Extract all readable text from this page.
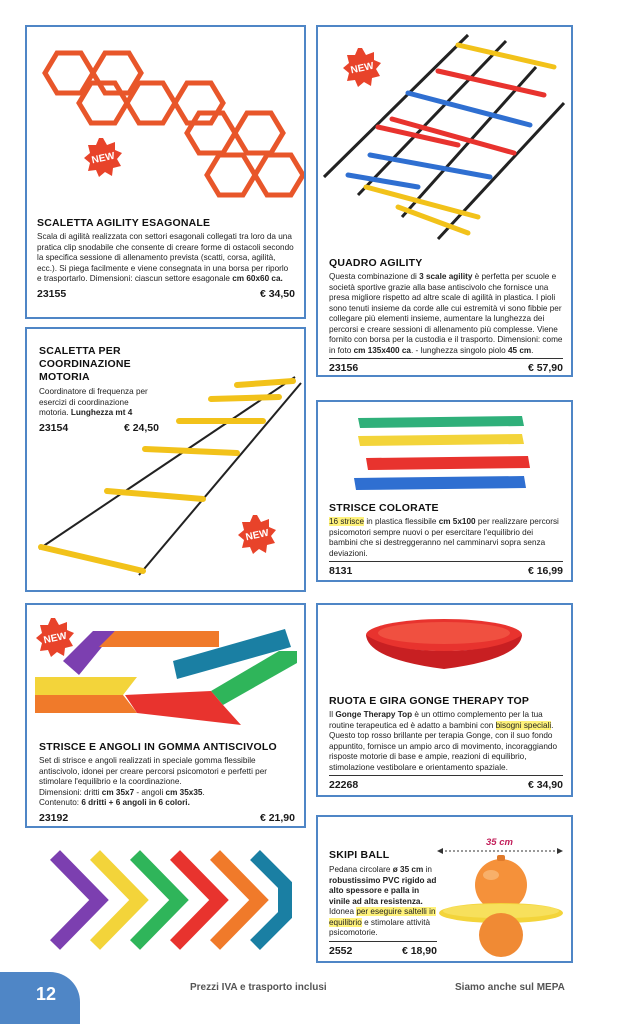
NEW
SCALETTA AGILITY ESAGONALE
Scala di agilità realizzata con settori esagonali collegati tra loro da una pratica clip snodabile che consente di creare forme di ostacoli secondo la specifica sessione di allenamento prevista (scatti, corsa, agilità, ecc.). Si piega facilmente e viene consegnata in una borsa per riporlo e trasportarlo. Dimensioni: ciascun settore esagonale cm 60x60 ca.
23155	€ 34,50
NEW
QUADRO AGILITY
Questa combinazione di 3 scale agility è perfetta per scuole e società sportive grazie alla base antiscivolo che fornisce una presa migliore rispetto ad altre scale di agilità in plastica. I pioli sono tenuti insieme da corde alle cui estremità vi sono fibbie per collegare più elementi insieme, aumentare la lunghezza dei percorsi e creare sessioni di allenamento più complesse. Viene fornito con borsa per la custodia e il trasporto. Dimensioni: come in foto cm 135x400 ca. - lunghezza singolo piolo 45 cm.
23156	€ 57,90
SCALETTA PER COORDINAZIONE MOTORIA
Coordinatore di frequenza per esercizi di coordinazione motoria. Lunghezza mt 4
23154	€ 24,50
NEW
STRISCE COLORATE
16 strisce in plastica flessibile cm 5x100 per realizzare percorsi psicomotori sempre nuovi o per esercitare l'equilibrio dei bambini che si destreggeranno nel camminarvi sopra senza deviazioni.
8131	€ 16,99
NEW
STRISCE E ANGOLI IN GOMMA ANTISCIVOLO
Set di strisce e angoli realizzati in speciale gomma flessibile antiscivolo, idonei per creare percorsi psicomotori e perfetti per stimolare l'equilibrio e la coordinazione.
Dimensioni: dritti cm 35x7 - angoli cm 35x35.
Contenuto: 6 dritti + 6 angoli in 6 colori.
23192	€ 21,90
RUOTA E GIRA GONGE THERAPY TOP
Il Gonge Therapy Top è un ottimo complemento per la tua routine terapeutica ed è adatto a bambini con bisogni speciali. Questo top rosso brillante per terapia Gonge, con il suo fondo appuntito, fornisce un ampio arco di movimento, incoraggiando risposte motorie di base e ampie, reazioni di equilibrio, stimolazione vestibolare e orientamento spaziale.
22268	€ 34,90
SKIPI BALL
Pedana circolare ø 35 cm in robustissimo PVC rigido ad alto spessore e palla in vinile ad alta resistenza. Idonea per eseguire saltelli in equilibrio e stimolare attività psicomotorie.
2552	€ 18,90
35 cm
12	Prezzi IVA e trasporto inclusi	Siamo anche sul MEPA
